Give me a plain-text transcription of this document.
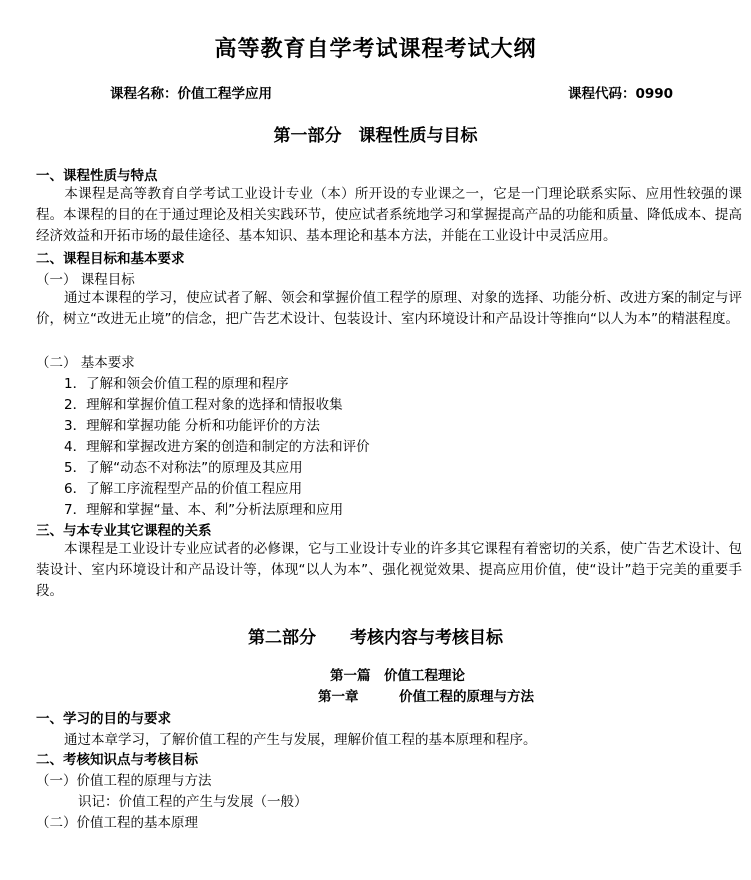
高等教育自学考试课程考试大纲
课程名称：价值工程学应用	课程代码：0990
第一部分　课程性质与目标
一、课程性质与特点
本课程是高等教育自学考试工业设计专业（本）所开设的专业课之一，它是一门理论联系实际、应用性较强的课程。本课程的目的在于通过理论及相关实践环节，使应试者系统地学习和掌握提高产品的功能和质量、降低成本、提高经济效益和开拓市场的最佳途径、基本知识、基本理论和基本方法，并能在工业设计中灵活应用。
二、课程目标和基本要求
（一） 课程目标
通过本课程的学习，使应试者了解、领会和掌握价值工程学的原理、对象的选择、功能分析、改进方案的制定与评价，树立“改进无止境”的信念，把广告艺术设计、包装设计、室内环境设计和产品设计等推向“以人为本”的精湛程度。
（二） 基本要求
1．了解和领会价值工程的原理和程序
2．理解和掌握价值工程对象的选择和情报收集
3．理解和掌握功能 分析和功能评价的方法
4．理解和掌握改进方案的创造和制定的方法和评价
5．了解“动态不对称法”的原理及其应用
6．了解工序流程型产品的价值工程应用
7．理解和掌握“量、本、利”分析法原理和应用
三、与本专业其它课程的关系
本课程是工业设计专业应试者的必修课，它与工业设计专业的许多其它课程有着密切的关系，使广告艺术设计、包装设计、室内环境设计和产品设计等，体现“以人为本”、强化视觉效果、提高应用价值，使“设计”趋于完美的重要手段。
第二部分　　考核内容与考核目标
第一篇　价值工程理论
第一章　　　价值工程的原理与方法
一、学习的目的与要求
通过本章学习，了解价值工程的产生与发展，理解价值工程的基本原理和程序。
二、考核知识点与考核目标
（一）价值工程的原理与方法
识记：价值工程的产生与发展（一般）
（二）价值工程的基本原理
